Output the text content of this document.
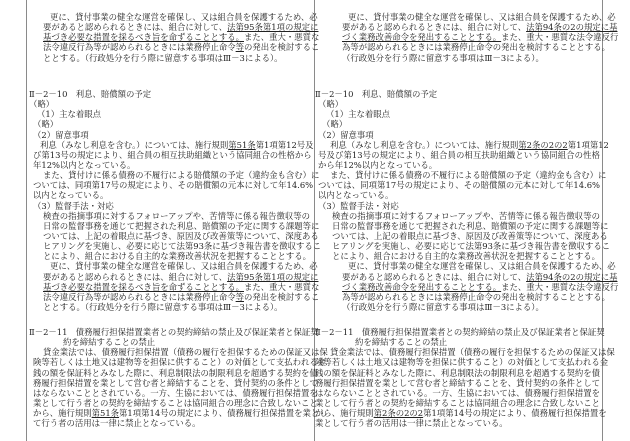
更に、貸付事業の健全な運営を確保し、又は組合員を保護するため、必
要があると認められるときには、組合に対して、法第95条第1項の規定に
基づき必要な措置を採るべき旨を命ずることとする。また、重大・悪質な
法令違反行為等が認められるときには業務停止命令等の発出を検討するこ
ととする。（行政処分を行う際に留意する事項はⅢ－3による）。
Ⅱ－2－10　利息、賠償額の予定
（略）
（1）主な着眼点
（略）
（2）留意事項
利息（みなし利息を含む。）については、施行規則第51条第1項第12号及
び第13号の規定により、組合員の相互扶助組織という協同組合の性格から
年12%以内となっている。
また、貸付けに係る債務の不履行による賠償額の予定（違約金も含む）に
ついては、同項第17号の規定により、その賠償額の元本に対して年14.6%
以内となっている。
（3）監督手法・対応
検査の指摘事項に対するフォローアップや、苦情等に係る報告徴収等の
日常の監督事務を通じて把握された利息、賠償額の予定に関する課題等に
ついては、上記の着眼点に基づき、原因及び改善策等について、深度ある
ヒアリングを実施し、必要に応じて法第93条に基づき報告書を徴収するこ
とにより、組合における自主的な業務改善状況を把握することとする。
更に、貸付事業の健全な運営を確保し、又は組合員を保護するため、必
要があると認められるときには、組合に対して、法第95条第1項の規定に
基づき必要な措置を採るべき旨を命ずることとする。また、重大・悪質な
法令違反行為等が認められるときには業務停止命令等の発出を検討するこ
ととする。（行政処分を行う際に留意する事項はⅢ－3による）。
Ⅱ－2－11　債務履行担保措置業者との契約締結の禁止及び保証業者と保証契
約を締結することの禁止
貸金業法では、債務履行担保措置（債務の履行を担保するための保証又は保
険等若しくは土地又は建物等を担保に供すること）の対価として支払われる金
銭の額を保証料とみなした際に、利息制限法の制限利息を超過する契約を債
務履行担保措置を業として営む者と締結することを、貸付契約の条件として
はならないこととされている。一方、生協においては、債務履行担保措置を
業として行う者との契約を締結することは協同組合の理念に合致しないこと
から、施行規則第51条第1項第14号の規定により、債務履行担保措置を業とし
て行う者の活用は一律に禁止となっている。
更に、貸付事業の健全な運営を確保し、又は組合員を保護するため、必
要があると認められるときには、組合に対して、法第94条の2の規定に基
づく業務改善命令を発出することとする。また、重大・悪質な法令違反行
為等が認められるときには業務停止命令の発出を検討することとする。
（行政処分を行う際に留意する事項はⅢ－3による）。
Ⅱ－2－10　利息、賠償額の予定
（略）
（1）主な着眼点
（略）
（2）留意事項
利息（みなし利息を含む。）については、施行規則第2条の2の2第1項第12
号及び第13号の規定により、組合員の相互扶助組織という協同組合の性格
から年12%以内となっている。
また、貸付けに係る債務の不履行による賠償額の予定（違約金も含む）に
ついては、同項第17号の規定により、その賠償額の元本に対して年14.6%
以内となっている。
（3）監督手法・対応
検査の指摘事項に対するフォローアップや、苦情等に係る報告徴収等の
日常の監督事務を通じて把握された利息、賠償額の予定に関する課題等に
ついては、上記の着眼点に基づき、原因及び改善策等について、深度ある
ヒアリングを実施し、必要に応じて法第93条に基づき報告書を徴収するこ
とにより、組合における自主的な業務改善状況を把握することとする。
更に、貸付事業の健全な運営を確保し、又は組合員を保護するため、必
要があると認められるときには、組合に対して、法第94条の2の規定に基
づく業務改善命令を発出することとする。また、重大・悪質な法令違反行
為等が認められるときには業務停止命令の発出を検討することとする。
（行政処分を行う際に留意する事項はⅢ－3による）。
Ⅱ－2－11　債務履行担保措置業者との契約締結の禁止及び保証業者と保証契
約を締結することの禁止
貸金業法では、債務履行担保措置（債務の履行を担保するための保証又は保
険等若しくは土地又は建物等を担保に供すること）の対価として支払われる金
銭の額を保証料とみなした際に、利息制限法の制限利息を超過する契約を債
務履行担保措置を業として営む者と締結することを、貸付契約の条件として
はならないこととされている。一方、生協においては、債務履行担保措置を
業として行う者との契約を締結することは協同組合の理念に合致しないこと
から、施行規則第2条の2の2第1項第14号の規定により、債務履行担保措置を
業として行う者の活用は一律に禁止となっている。
